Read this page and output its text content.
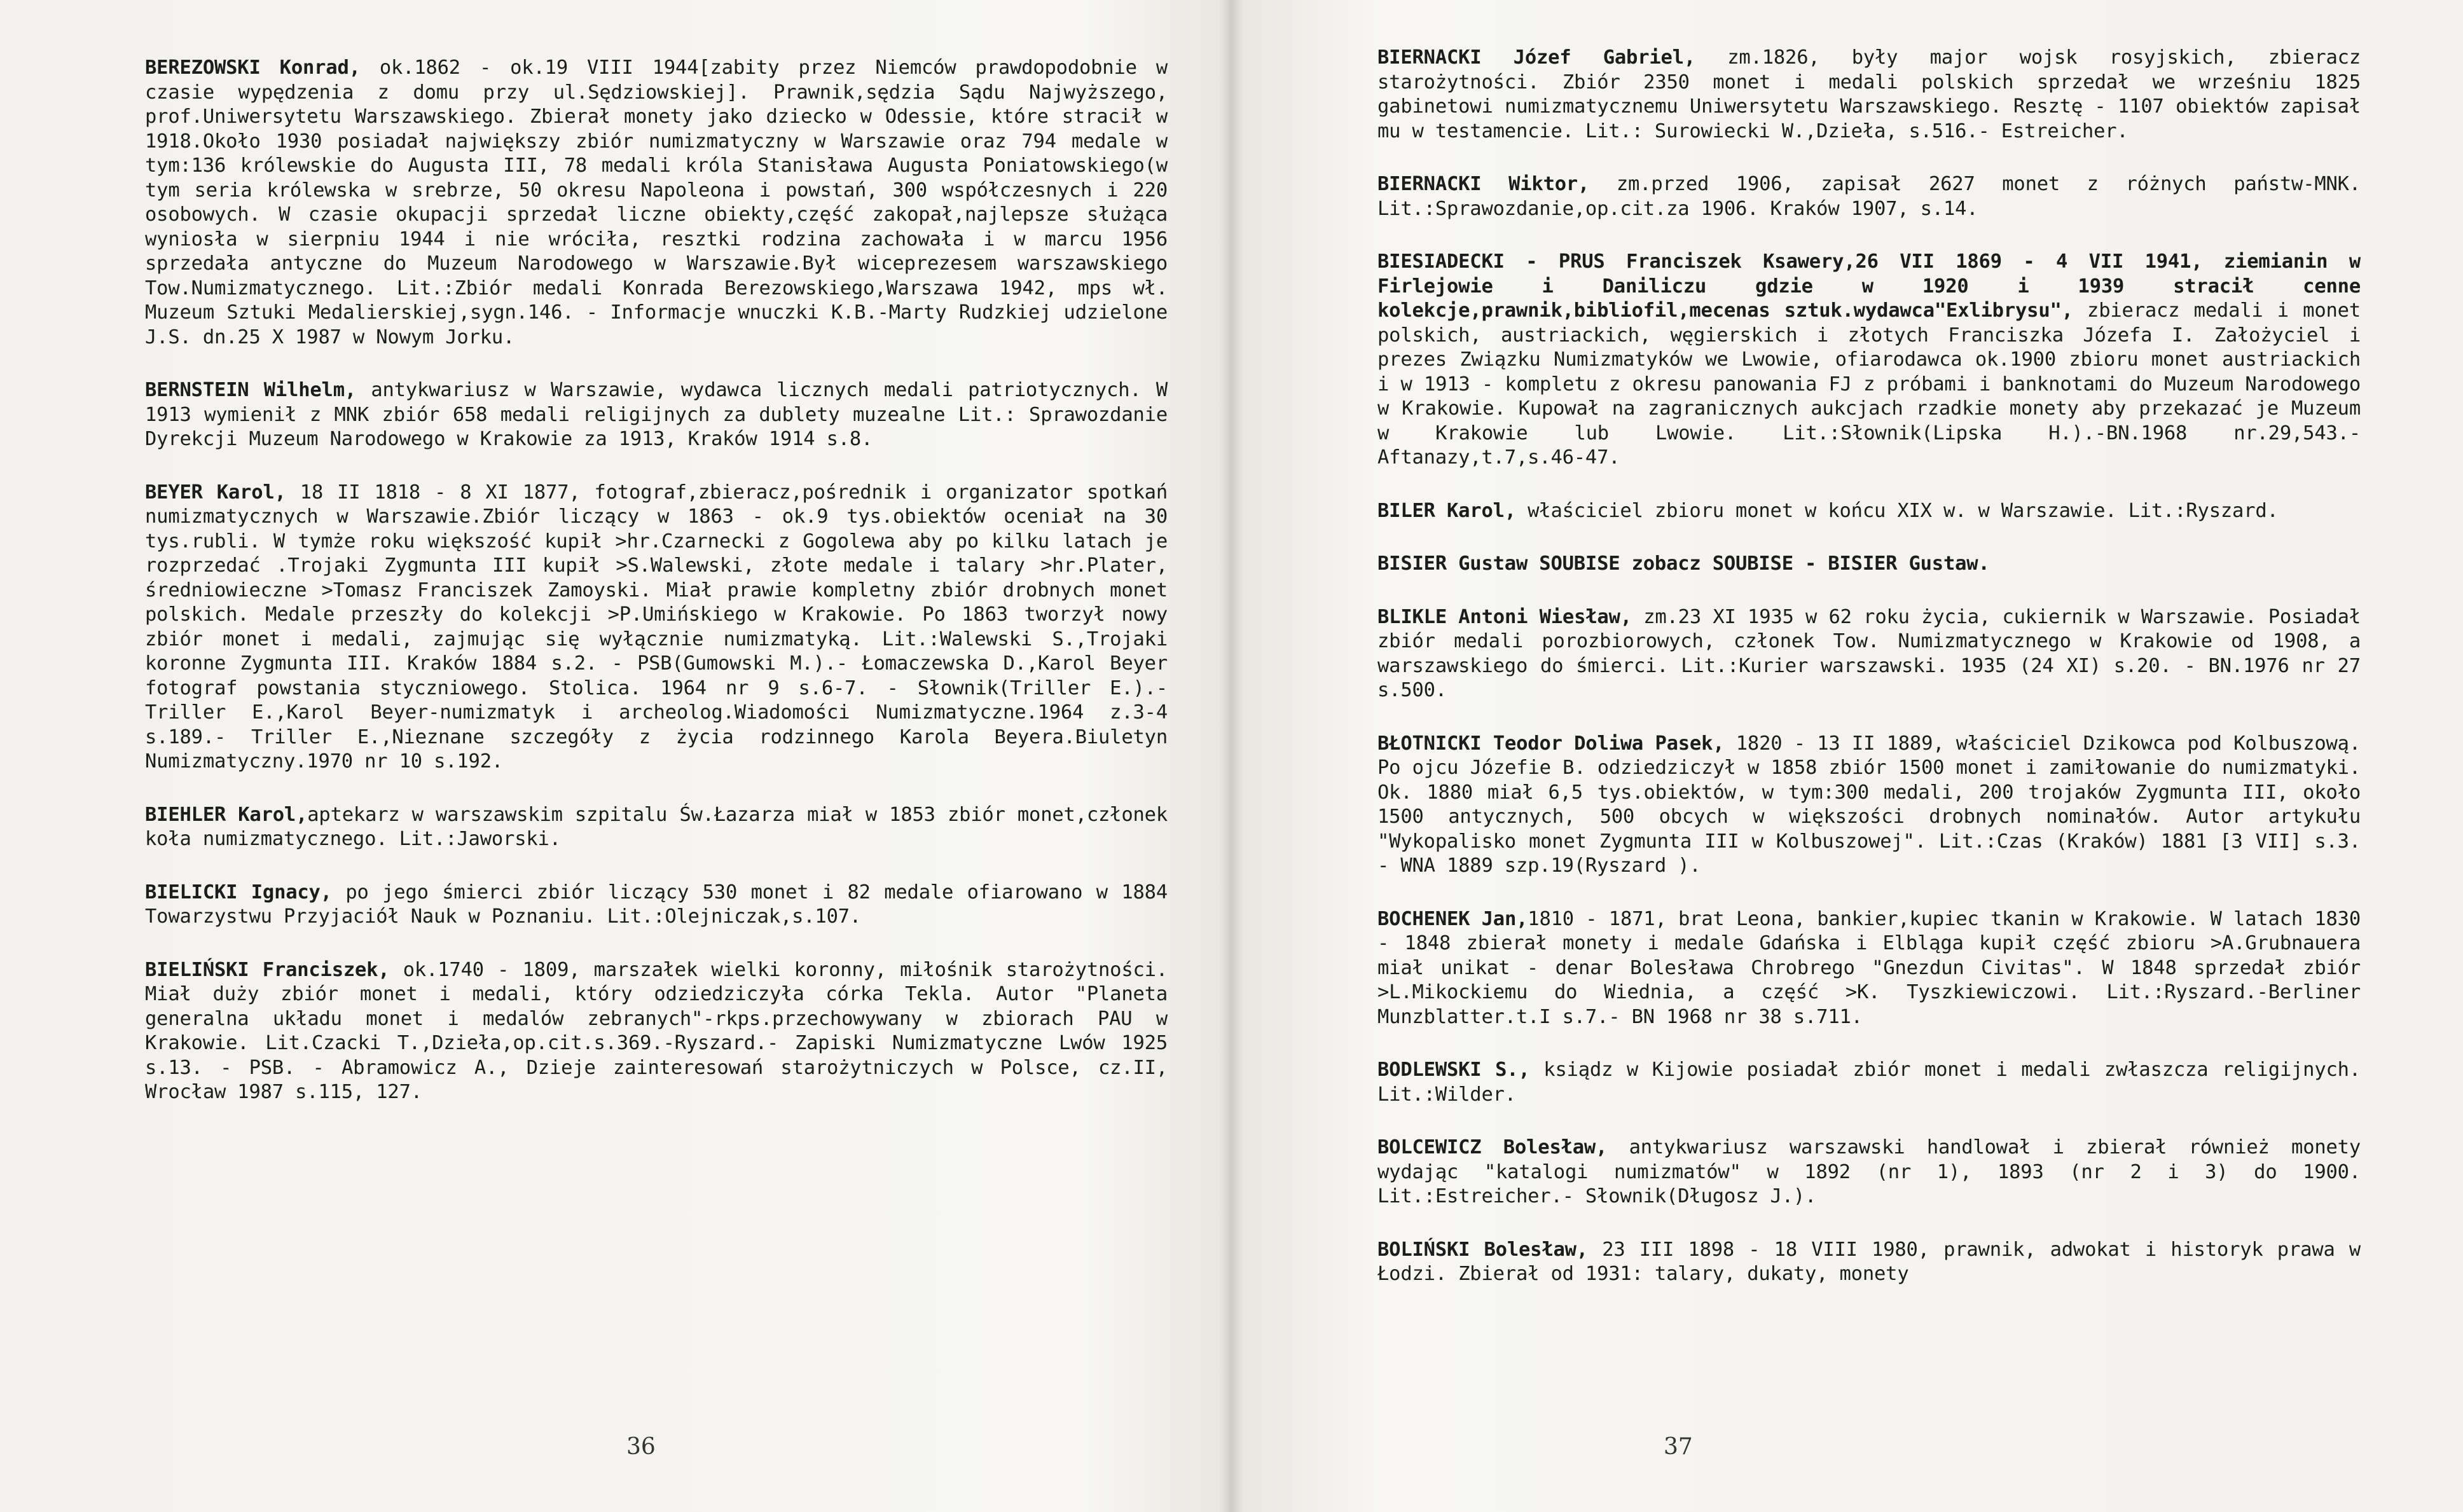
BEREZOWSKI Konrad, ok.1862 - ok.19 VIII 1944[zabity przez Niemców prawdopodobnie w czasie wypędzenia z domu przy ul.Sędziowskiej]. Prawnik,sędzia Sądu Najwyższego, prof.Uniwersytetu Warszawskiego. Zbierał monety jako dziecko w Odessie, które stracił w 1918.Około 1930 posiadał największy zbiór numizmatyczny w Warszawie oraz 794 medale w tym:136 królewskie do Augusta III, 78 medali króla Stanisława Augusta Poniatowskiego(w tym seria królewska w srebrze, 50 okresu Napoleona i powstań, 300 współczesnych i 220 osobowych. W czasie okupacji sprzedał liczne obiekty,część zakopał,najlepsze służąca wyniosła w sierpniu 1944 i nie wróciła, resztki rodzina zachowała i w marcu 1956 sprzedała antyczne do Muzeum Narodowego w Warszawie.Był wiceprezesem warszawskiego Tow.Numizmatycznego. Lit.:Zbiór medali Konrada Berezowskiego,Warszawa 1942, mps wł. Muzeum Sztuki Medalierskiej,sygn.146. - Informacje wnuczki K.B.-Marty Rudzkiej udzielone J.S. dn.25 X 1987 w Nowym Jorku.

BERNSTEIN Wilhelm, antykwariusz w Warszawie, wydawca licznych medali patriotycznych. W 1913 wymienił z MNK zbiór 658 medali religijnych za dublety muzealne Lit.: Sprawozdanie Dyrekcji Muzeum Narodowego w Krakowie za 1913, Kraków 1914 s.8.

BEYER Karol, 18 II 1818 - 8 XI 1877, fotograf,zbieracz,pośrednik i organizator spotkań numizmatycznych w Warszawie.Zbiór liczący w 1863 - ok.9 tys.obiektów oceniał na 30 tys.rubli. W tymże roku większość kupił >hr.Czarnecki z Gogolewa aby po kilku latach je rozprzedać .Trojaki Zygmunta III kupił >S.Walewski, złote medale i talary >hr.Plater, średniowieczne >Tomasz Franciszek Zamoyski. Miał prawie kompletny zbiór drobnych monet polskich. Medale przeszły do kolekcji >P.Umińskiego w Krakowie. Po 1863 tworzył nowy zbiór monet i medali, zajmując się wyłącznie numizmatyką. Lit.:Walewski S.,Trojaki koronne Zygmunta III. Kraków 1884 s.2. - PSB(Gumowski M.).- Łomaczewska D.,Karol Beyer fotograf powstania styczniowego. Stolica. 1964 nr 9 s.6-7. - Słownik(Triller E.).- Triller E.,Karol Beyer-numizmatyk i archeolog.Wiadomości Numizmatyczne.1964 z.3-4 s.189.- Triller E.,Nieznane szczegóły z życia rodzinnego Karola Beyera.Biuletyn Numizmatyczny.1970 nr 10 s.192.

BIEHLER Karol,aptekarz w warszawskim szpitalu Św.Łazarza miał w 1853 zbiór monet,członek koła numizmatycznego. Lit.:Jaworski.

BIELICKI Ignacy, po jego śmierci zbiór liczący 530 monet i 82 medale ofiarowano w 1884 Towarzystwu Przyjaciół Nauk w Poznaniu. Lit.:Olejniczak,s.107.

BIELIŃSKI Franciszek, ok.1740 - 1809, marszałek wielki koronny, miłośnik starożytności. Miał duży zbiór monet i medali, który odziedziczyła córka Tekla. Autor "Planeta generalna układu monet i medalów zebranych"-rkps.przechowywany w zbiorach PAU w Krakowie. Lit.Czacki T.,Dzieła,op.cit.s.369.-Ryszard.- Zapiski Numizmatyczne Lwów 1925 s.13. - PSB. - Abramowicz A., Dzieje zainteresowań starożytniczych w Polsce, cz.II, Wrocław 1987 s.115, 127.

36

BIERNACKI Józef Gabriel, zm.1826, były major wojsk rosyjskich, zbieracz starożytności. Zbiór 2350 monet i medali polskich sprzedał we wrześniu 1825 gabinetowi numizmatycznemu Uniwersytetu Warszawskiego. Resztę - 1107 obiektów zapisał mu w testamencie. Lit.: Surowiecki W.,Dzieła, s.516.- Estreicher.

BIERNACKI Wiktor, zm.przed 1906, zapisał 2627 monet z różnych państw-MNK. Lit.:Sprawozdanie,op.cit.za 1906. Kraków 1907, s.14.

BIESIADECKI - PRUS Franciszek Ksawery,26 VII 1869 - 4 VII 1941, ziemianin w Firlejowie i Daniliczu gdzie w 1920 i 1939 stracił cenne kolekcje,prawnik,bibliofil,mecenas sztuk.wydawca"Exlibrysu", zbieracz medali i monet polskich, austriackich, węgierskich i złotych Franciszka Józefa I. Założyciel i prezes Związku Numizmatyków we Lwowie, ofiarodawca ok.1900 zbioru monet austriackich i w 1913 - kompletu z okresu panowania FJ z próbami i banknotami do Muzeum Narodowego w Krakowie. Kupował na zagranicznych aukcjach rzadkie monety aby przekazać je Muzeum w Krakowie lub Lwowie. Lit.:Słownik(Lipska H.).-BN.1968 nr.29,543.- Aftanazy,t.7,s.46-47.

BILER Karol, właściciel zbioru monet w końcu XIX w. w Warszawie. Lit.:Ryszard.

BISIER Gustaw SOUBISE zobacz SOUBISE - BISIER Gustaw.

BLIKLE Antoni Wiesław, zm.23 XI 1935 w 62 roku życia, cukiernik w Warszawie. Posiadał zbiór medali porozbiorowych, członek Tow. Numizmatycznego w Krakowie od 1908, a warszawskiego do śmierci. Lit.:Kurier warszawski. 1935 (24 XI) s.20. - BN.1976 nr 27 s.500.

BŁOTNICKI Teodor Doliwa Pasek, 1820 - 13 II 1889, właściciel Dzikowca pod Kolbuszową. Po ojcu Józefie B. odziedziczył w 1858 zbiór 1500 monet i zamiłowanie do numizmatyki. Ok. 1880 miał 6,5 tys.obiektów, w tym:300 medali, 200 trojaków Zygmunta III, około 1500 antycznych, 500 obcych w większości drobnych nominałów. Autor artykułu "Wykopalisko monet Zygmunta III w Kolbuszowej". Lit.:Czas (Kraków) 1881 [3 VII] s.3. - WNA 1889 szp.19(Ryszard ).

BOCHENEK Jan,1810 - 1871, brat Leona, bankier,kupiec tkanin w Krakowie. W latach 1830 - 1848 zbierał monety i medale Gdańska i Elbląga kupił część zbioru >A.Grubnauera miał unikat - denar Bolesława Chrobrego "Gnezdun Civitas". W 1848 sprzedał zbiór >L.Mikockiemu do Wiednia, a część >K. Tyszkiewiczowi. Lit.:Ryszard.-Berliner Munzblatter.t.I s.7.- BN 1968 nr 38 s.711.

BODLEWSKI S., ksiądz w Kijowie posiadał zbiór monet i medali zwłaszcza religijnych. Lit.:Wilder.

BOLCEWICZ Bolesław, antykwariusz warszawski handlował i zbierał również monety wydając "katalogi numizmatów" w 1892 (nr 1), 1893 (nr 2 i 3) do 1900. Lit.:Estreicher.- Słownik(Długosz J.).

BOLIŃSKI Bolesław, 23 III 1898 - 18 VIII 1980, prawnik, adwokat i historyk prawa w Łodzi. Zbierał od 1931: talary, dukaty, monety

37
